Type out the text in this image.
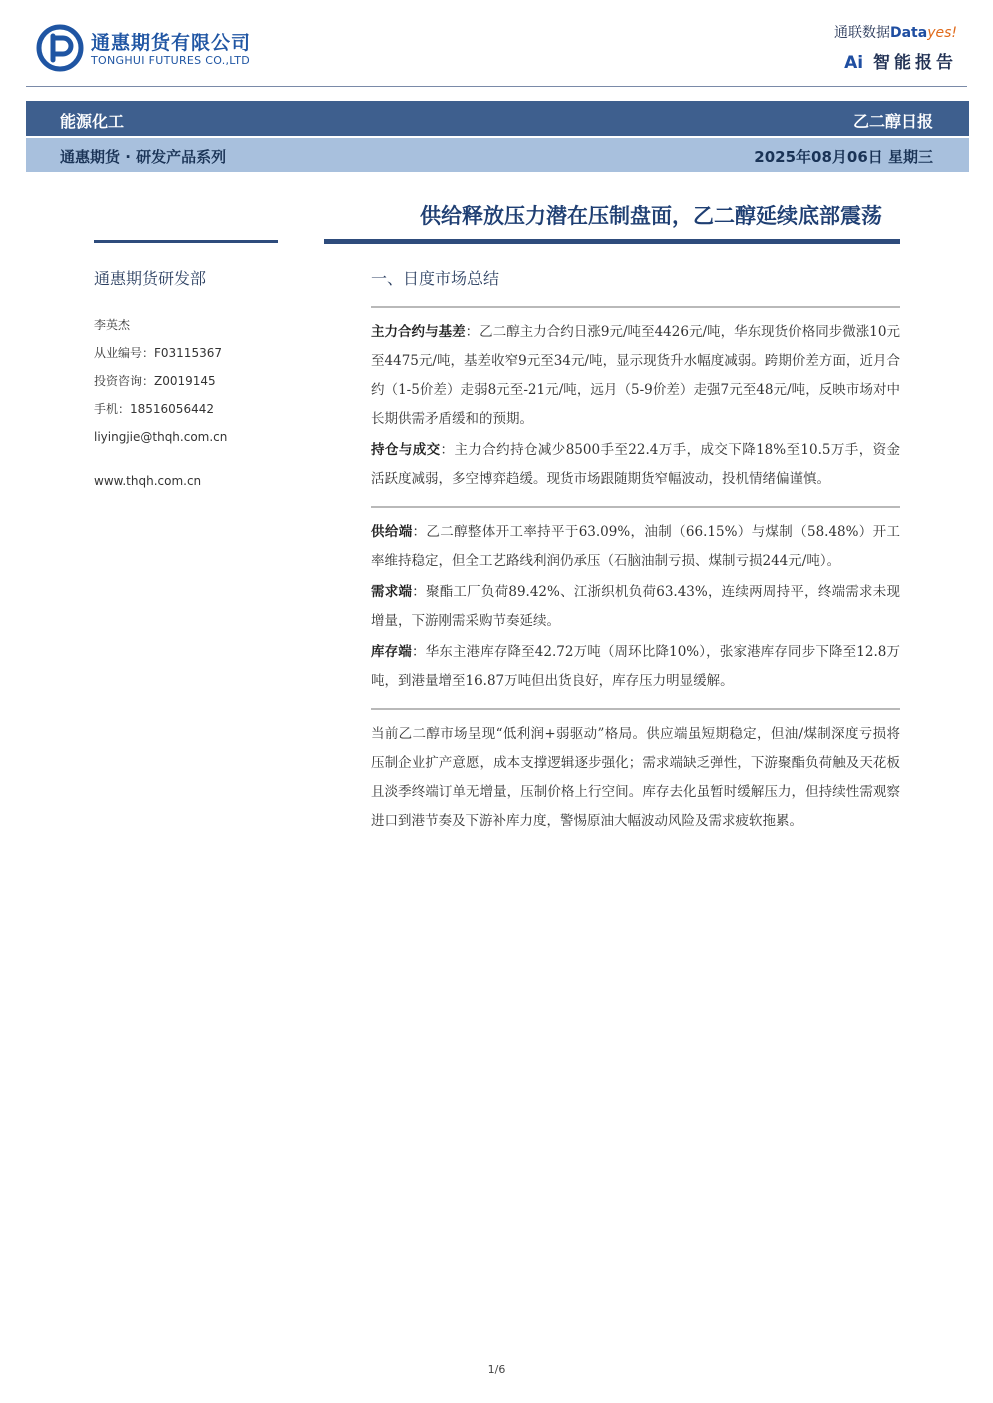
通惠期货有限公司
TONGHUI FUTURES CO.,LTD
通联数据Datayes!
Ai 智能报告
能源化工	乙二醇日报
通惠期货 · 研发产品系列	2025年08月06日 星期三
供给释放压力潜在压制盘面，乙二醇延续底部震荡
通惠期货研发部
李英杰
从业编号：F03115367
投资咨询：Z0019145
手机：18516056442
liyingjie@thqh.com.cn
www.thqh.com.cn
一、日度市场总结

主力合约与基差：乙二醇主力合约日涨9元/吨至4426元/吨，华东现货价格同步微涨10元至4475元/吨，基差收窄9元至34元/吨，显示现货升水幅度减弱。跨期价差方面，近月合约（1-5价差）走弱8元至-21元/吨，远月（5-9价差）走强7元至48元/吨，反映市场对中长期供需矛盾缓和的预期。

持仓与成交：主力合约持仓减少8500手至22.4万手，成交下降18%至10.5万手，资金活跃度减弱，多空博弈趋缓。现货市场跟随期货窄幅波动，投机情绪偏谨慎。

供给端：乙二醇整体开工率持平于63.09%，油制（66.15%）与煤制（58.48%）开工率维持稳定，但全工艺路线利润仍承压（石脑油制亏损、煤制亏损244元/吨）。

需求端：聚酯工厂负荷89.42%、江浙织机负荷63.43%，连续两周持平，终端需求未现增量，下游刚需采购节奏延续。

库存端：华东主港库存降至42.72万吨（周环比降10%），张家港库存同步下降至12.8万吨，到港量增至16.87万吨但出货良好，库存压力明显缓解。

当前乙二醇市场呈现“低利润+弱驱动”格局。供应端虽短期稳定，但油/煤制深度亏损将压制企业扩产意愿，成本支撑逻辑逐步强化；需求端缺乏弹性，下游聚酯负荷触及天花板且淡季终端订单无增量，压制价格上行空间。库存去化虽暂时缓解压力，但持续性需观察进口到港节奏及下游补库力度，警惕原油大幅波动风险及需求疲软拖累。

1/6
